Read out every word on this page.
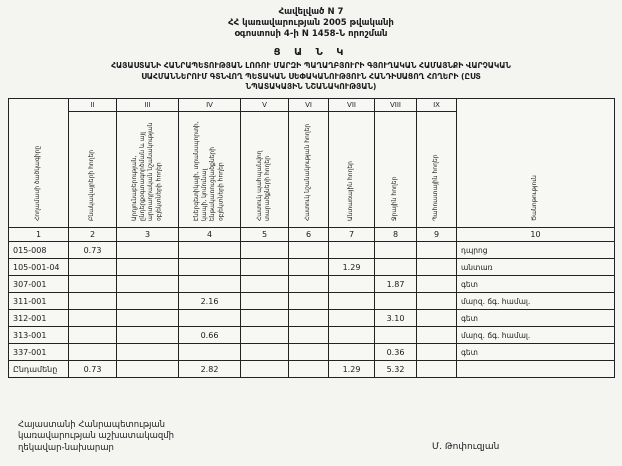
Հավելված N 7
ՀՀ կառավարության 2005 թվականի
օգոստոսի 4-ի N 1458-Ն որոշման
Ց Ա Ն Կ
ՀԱՅԱՍՏԱՆԻ ՀԱՆՐԱՊԵՏՈՒԹՅԱՆ ԼՈՌՈՒ ՄԱՐԶԻ ՊԱՂԱՂԲՅՈՒՐԻ ԳՅՈՒՂԱԿԱՆ ՀԱՄԱՅՆՔԻ ՎԱՐՉԱԿԱՆ
ՍԱՀՄԱՆՆԵՐՈՒՄ ԳՏՆՎՈՂ ՊԵՏԱԿԱՆ ՍԵՓԱԿԱՆՈՒԹՅՈՒՆ ՀԱՆԴԻՍԱՑՈՂ ՀՈՂԵՐԻ (ԸՍՏ
ՆՊԱՏԱԿԱՅԻՆ ՆՇԱՆԱԿՈՒԹՅԱՆ)
Հողամասի ծածկագիրը	II	III	IV	V	VI	VII	VIII	IX	Ծանոթություն
	Բնակավայրերի հողեր	Արդյունաբերության, ընդերքօգտագործման և այլ արտադրական նշանակության օբյեկտների հողեր	Էներգետիկայի, տրանսպորտի, կապի, կոմունալ ենթակառուցվածքների օբյեկտների հողեր	Հատուկ պահպանվող տարածքների հողեր	Հատուկ նշանակության հողեր	Անտառային հողեր	Ջրային հողեր	Պահուստային հողեր	
1	2	3	4	5	6	7	8	9	10
015-008	0.73								դպրոց
105-001-04						1.29			անտառ
307-001							1.87		գետ
311-001			2.16						մարզ. ճգ. համալ.
312-001							3.10		գետ
313-001			0.66						մարզ. ճգ. համալ.
337-001							0.36		գետ
Ընդամենը	0.73		2.82			1.29	5.32		
Հայաստանի Հանրապետության
կառավարության աշխատակազմի
ղեկավար-նախարար	Մ. Թոփուզյան
